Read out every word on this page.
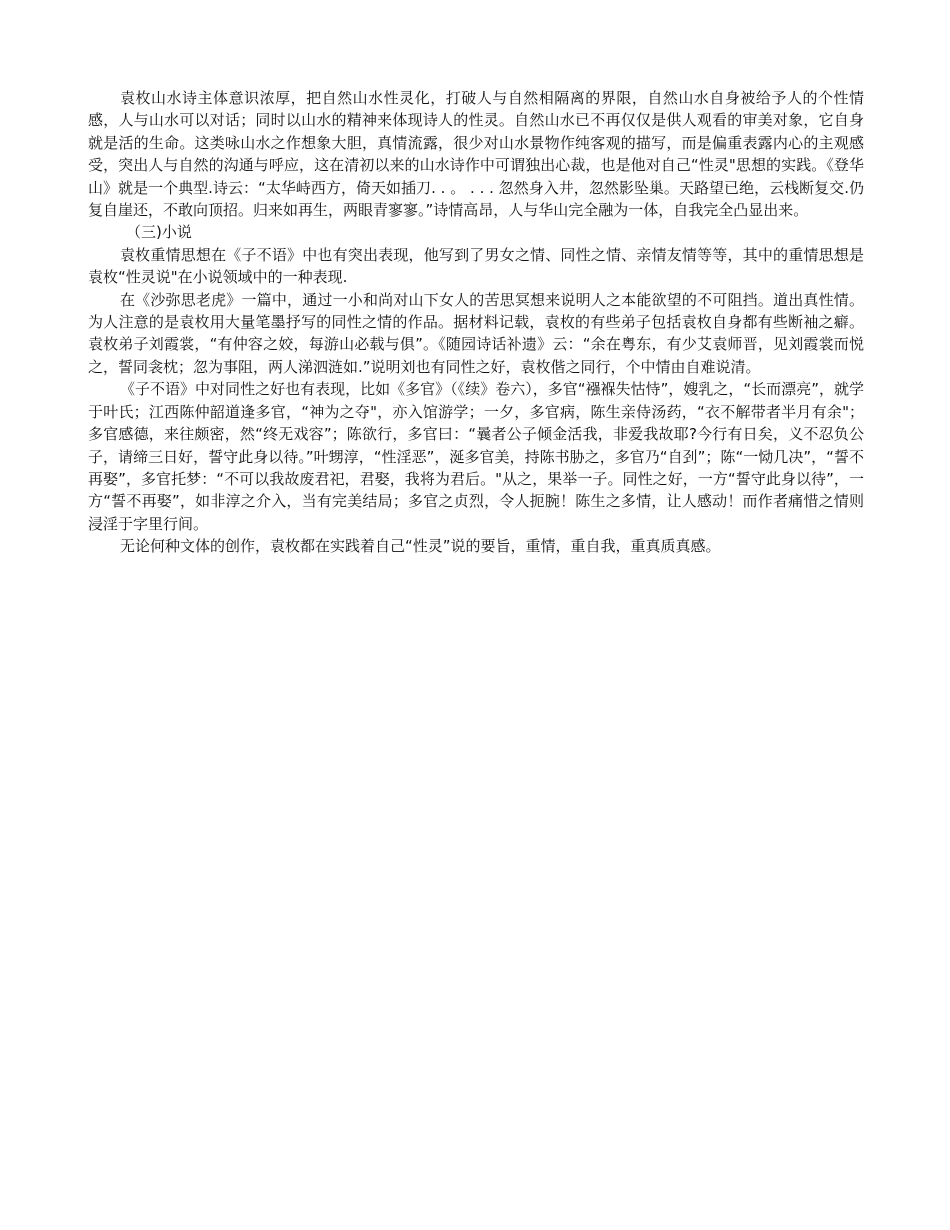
袁枚山水诗主体意识浓厚，把自然山水性灵化，打破人与自然相隔离的界限，自然山水自身被给予人的个性情感，人与山水可以对话；同时以山水的精神来体现诗人的性灵。自然山水已不再仅仅是供人观看的审美对象，它自身就是活的生命。这类咏山水之作想象大胆，真情流露，很少对山水景物作纯客观的描写，而是偏重表露内心的主观感受，突出人与自然的沟通与呼应，这在清初以来的山水诗作中可谓独出心裁，也是他对自己“性灵"思想的实践。《登华山》就是一个典型.诗云：“太华峙西方，倚天如插刀. . 。 . . . 忽然身入井，忽然影坠巢。天路望已绝，云栈断复交.仍复自崖还，不敢向顶招。归来如再生，两眼青寥寥。”诗情高昂，人与华山完全融为一体，自我完全凸显出来。

（三)小说

袁枚重情思想在《子不语》中也有突出表现，他写到了男女之情、同性之情、亲情友情等等，其中的重情思想是袁枚“性灵说"在小说领域中的一种表现.

在《沙弥思老虎》一篇中，通过一小和尚对山下女人的苦思冥想来说明人之本能欲望的不可阻挡。道出真性情。为人注意的是袁枚用大量笔墨抒写的同性之情的作品。据材料记载，袁枚的有些弟子包括袁枚自身都有些断袖之癖。袁枚弟子刘霞裳，“有仲容之姣，每游山必载与俱”。《随园诗话补遗》云：“余在粤东，有少艾袁师晋，见刘霞裳而悦之，誓同衾枕；忽为事阻，两人涕泗涟如.”说明刘也有同性之好，袁枚偕之同行，个中情由自难说清。

《子不语》中对同性之好也有表现，比如《多官》（《续》卷六），多官“襁褓失怙恃”，嫂乳之，“长而漂亮”，就学于叶氏；江西陈仲韶道逢多官，“神为之夺"，亦入馆游学；一夕，多官病，陈生亲侍汤药，“衣不解带者半月有余"；多官感德，来往颇密，然“终无戏容”；陈欲行，多官曰：“曩者公子倾金活我，非爱我故耶?今行有日矣，义不忍负公子，请缔三日好，誓守此身以待。”叶甥淳，“性淫恶”，涎多官美，持陈书胁之，多官乃“自刭”；陈“一恸几决”，“誓不再娶”，多官托梦：“不可以我故废君祀，君娶，我将为君后。"从之，果举一子。同性之好，一方“誓守此身以待”，一方“誓不再娶”，如非淳之介入，当有完美结局；多官之贞烈，令人扼腕！陈生之多情，让人感动！而作者痛惜之情则浸淫于字里行间。

无论何种文体的创作，袁枚都在实践着自己“性灵”说的要旨，重情，重自我，重真质真感。
